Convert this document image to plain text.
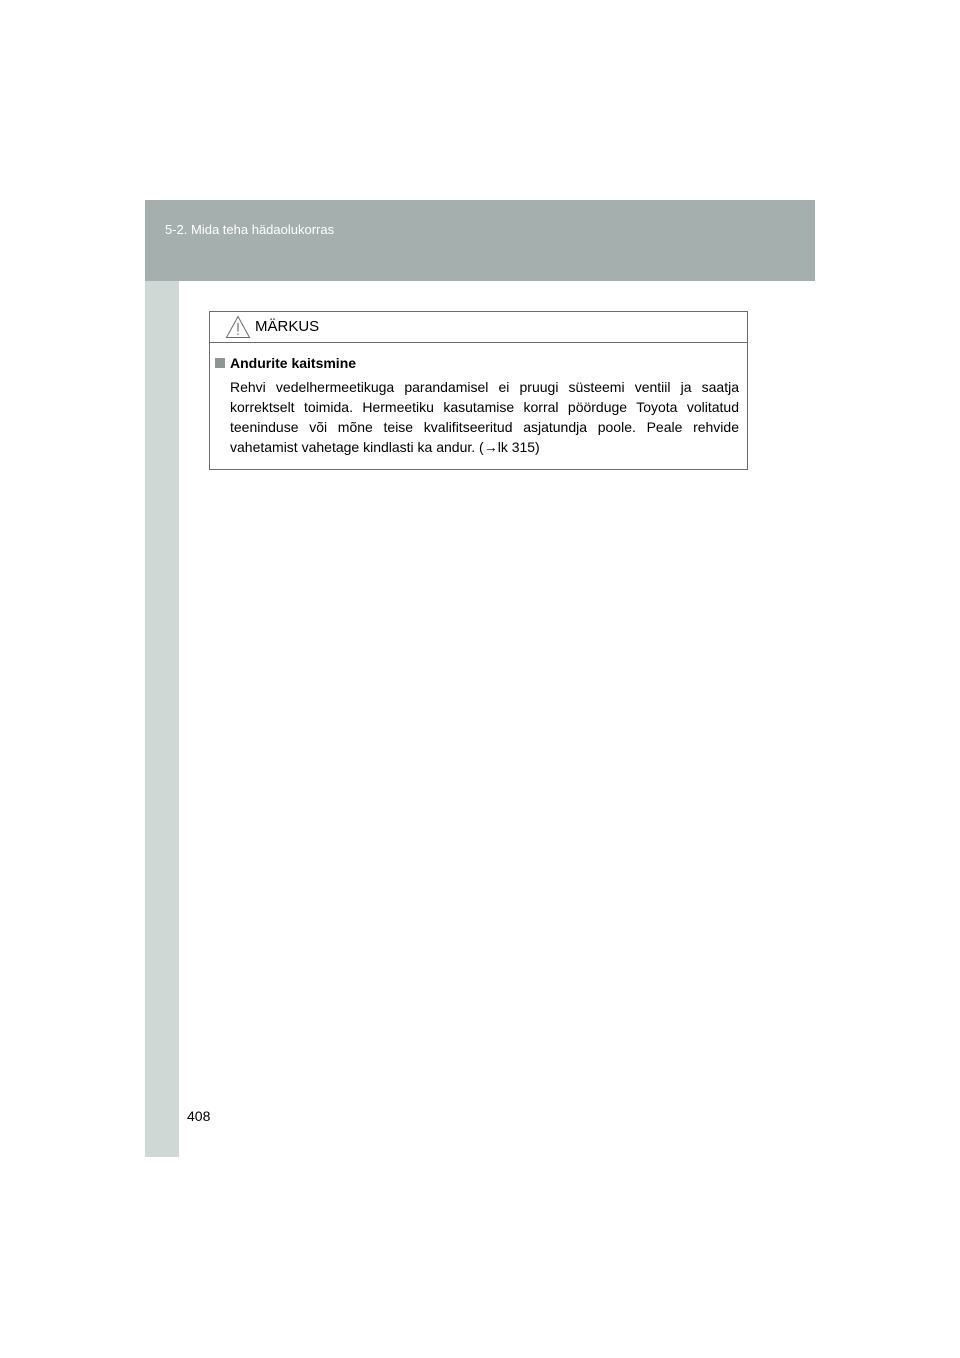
5-2. Mida teha hädaolukorras
MÄRKUS
Andurite kaitsmine

Rehvi vedelhermeetikuga parandamisel ei pruugi süsteemi ventiil ja saatja korrektselt toimida. Hermeetiku kasutamise korral pöörduge Toyota volitatud teeninduse või mõne teise kvalifitseeritud asjatundja poole. Peale rehvide vahetamist vahetage kindlasti ka andur. (→lk 315)

408
